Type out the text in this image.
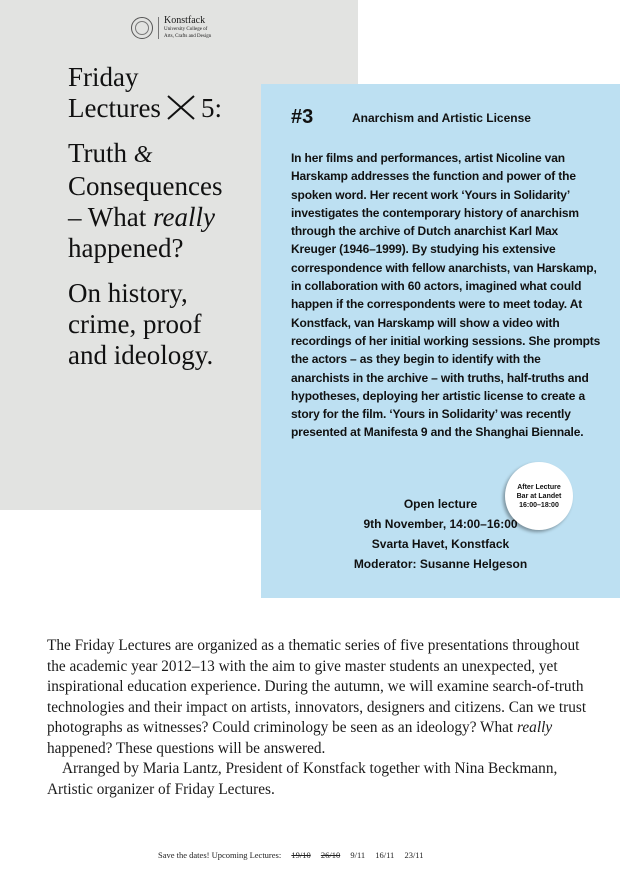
Konstfack
University College of
Arts, Crafts and Design

Friday

Lectures 5:

Truth &

Consequences

– What really

happened?

On history,

crime, proof

and ideology.

#3	Anarchism and Artistic License
In her films and performances, artist Nicoline van Harskamp addresses the function and power of the spoken word. Her recent work ‘Yours in Solidarity’ investigates the contemporary history of anarchism through the archive of Dutch anarchist Karl Max Kreuger (1946–1999). By studying his extensive correspondence with fellow anarchists, van Harskamp, in collaboration with 60 actors, imagined what could happen if the correspondents were to meet today. At Konstfack, van Harskamp will show a video with recordings of her initial working sessions. She prompts the actors – as they begin to identify with the anarchists in the archive – with truths, half-truths and hypotheses, deploying her artistic license to create a story for the film. ‘Yours in Solidarity’ was recently presented at Manifesta 9 and the Shanghai Biennale.
Open lecture
9th November, 14:00–16:00
Svarta Havet, Konstfack
Moderator: Susanne Helgeson
After Lecture
Bar at Landet
16:00–18:00

The Friday Lectures are organized as a thematic series of five presentations throughout the academic year 2012–13 with the aim to give master students an unexpected, yet inspirational education experience. During the autumn, we will examine search-of-truth technologies and their impact on artists, innovators, designers and citizens. Can we trust photographs as witnesses? Could criminology be seen as an ideology? What really happened? These questions will be answered.

Arranged by Maria Lantz, President of Konstfack together with Nina Beckmann, Artistic organizer of Friday Lectures.

Save the dates! Upcoming Lectures: 19/10 26/10 9/11 16/11 23/11
